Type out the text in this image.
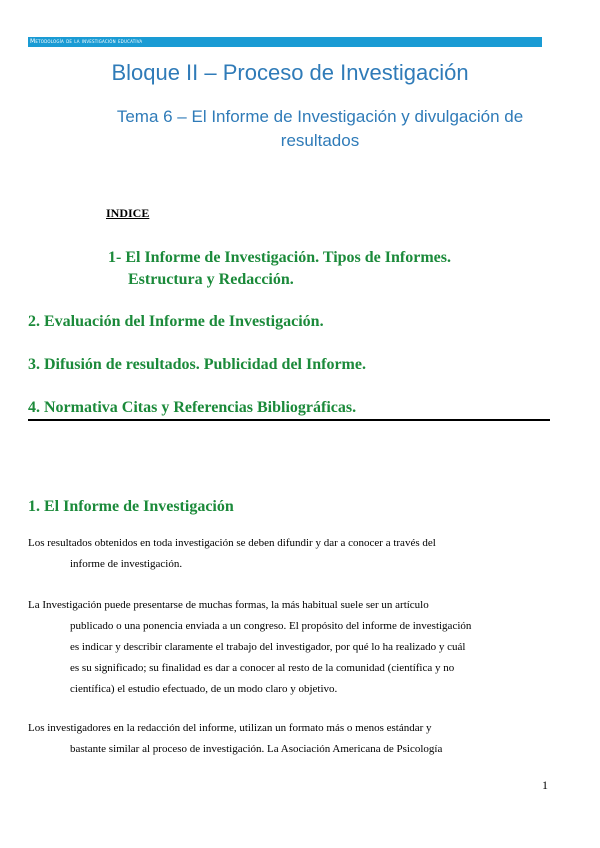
Metodología de la investigación educativa
Bloque II – Proceso de Investigación
Tema 6 – El Informe de Investigación y divulgación de
resultados
INDICE
1- El Informe de Investigación. Tipos de Informes.
Estructura y Redacción.
2. Evaluación del Informe de Investigación.
3. Difusión de resultados. Publicidad del Informe.
4. Normativa Citas y Referencias Bibliográficas.
1. El Informe de Investigación
Los resultados obtenidos en toda investigación se deben difundir y dar a conocer a través del
informe de investigación.
La Investigación puede presentarse de muchas formas, la más habitual suele ser un artículo
publicado o una ponencia enviada a un congreso. El propósito del informe de investigación
es indicar y describir claramente el trabajo del investigador, por qué lo ha realizado y cuál
es su significado; su finalidad es dar a conocer al resto de la comunidad (científica y no
científica) el estudio efectuado, de un modo claro y objetivo.
Los investigadores en la redacción del informe, utilizan un formato más o menos estándar y
bastante similar al proceso de investigación. La Asociación Americana de Psicología
1
